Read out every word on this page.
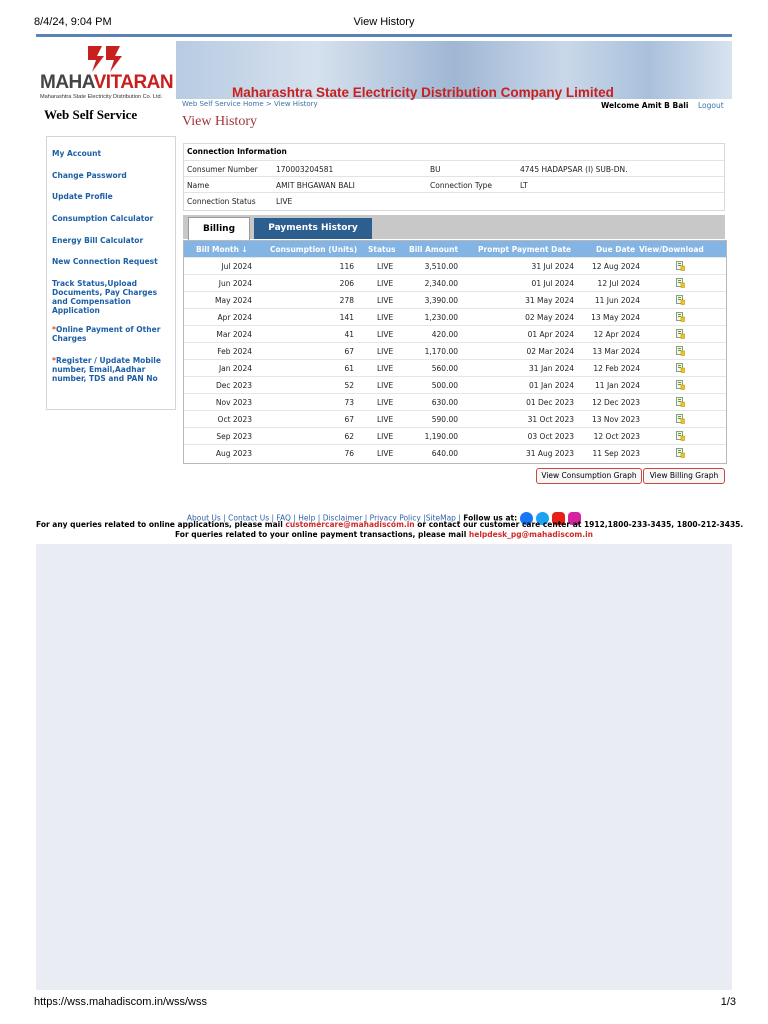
8/4/24, 9:04 PM	View History
MAHAVITARAN
Maharashtra State Electricity Distribution Co. Ltd.	Maharashtra State Electricity Distribution Company Limited
Web Self Service
Web Self Service Home > View History
View History
Welcome Amit B Bali Logout
My Account
Change Password
Update Profile
Consumption Calculator
Energy Bill Calculator
New Connection Request
Track Status,Upload Documents, Pay Charges and Compensation Application
*Online Payment of Other Charges
*Register / Update Mobile number, Email,Aadhar number, TDS and PAN No
Connection Information
Consumer Number 170003204581	BU	4745 HADAPSAR (I) SUB-DN.
Name	AMIT BHGAWAN BALI	Connection Type	LT
Connection Status	LIVE
Billing	Payments History
Bill Month ↓	Consumption (Units) Status Bill Amount	Prompt Payment Date	Due Date View/Download
Jul 2024	116	LIVE	3,510.00	31 Jul 2024 12 Aug 2024
Jun 2024	206	LIVE	2,340.00	01 Jul 2024	12 Jul 2024
May 2024	278	LIVE	3,390.00	31 May 2024	11 Jun 2024
Apr 2024	141	LIVE	1,230.00	02 May 2024 13 May 2024
Mar 2024	41	LIVE	420.00	01 Apr 2024	12 Apr 2024
Feb 2024	67	LIVE	1,170.00	02 Mar 2024 13 Mar 2024
Jan 2024	61	LIVE	560.00	31 Jan 2024	12 Feb 2024
Dec 2023	52	LIVE	500.00	01 Jan 2024	11 Jan 2024
Nov 2023	73	LIVE	630.00	01 Dec 2023 12 Dec 2023
Oct 2023	67	LIVE	590.00	31 Oct 2023 13 Nov 2023
Sep 2023	62	LIVE	1,190.00	03 Oct 2023	12 Oct 2023
Aug 2023	76	LIVE	640.00	31 Aug 2023 11 Sep 2023
View Consumption Graph	View Billing Graph
About Us | Contact Us | FAQ | Help | Disclaimer | Privacy Policy |SiteMap | Follow us at:
For any queries related to online applications, please mail customercare@mahadiscom.in or contact our customer care center at 1912,1800-233-3435, 1800-212-3435.
For queries related to your online payment transactions, please mail helpdesk_pg@mahadiscom.in
https://wss.mahadiscom.in/wss/wss	1/3
